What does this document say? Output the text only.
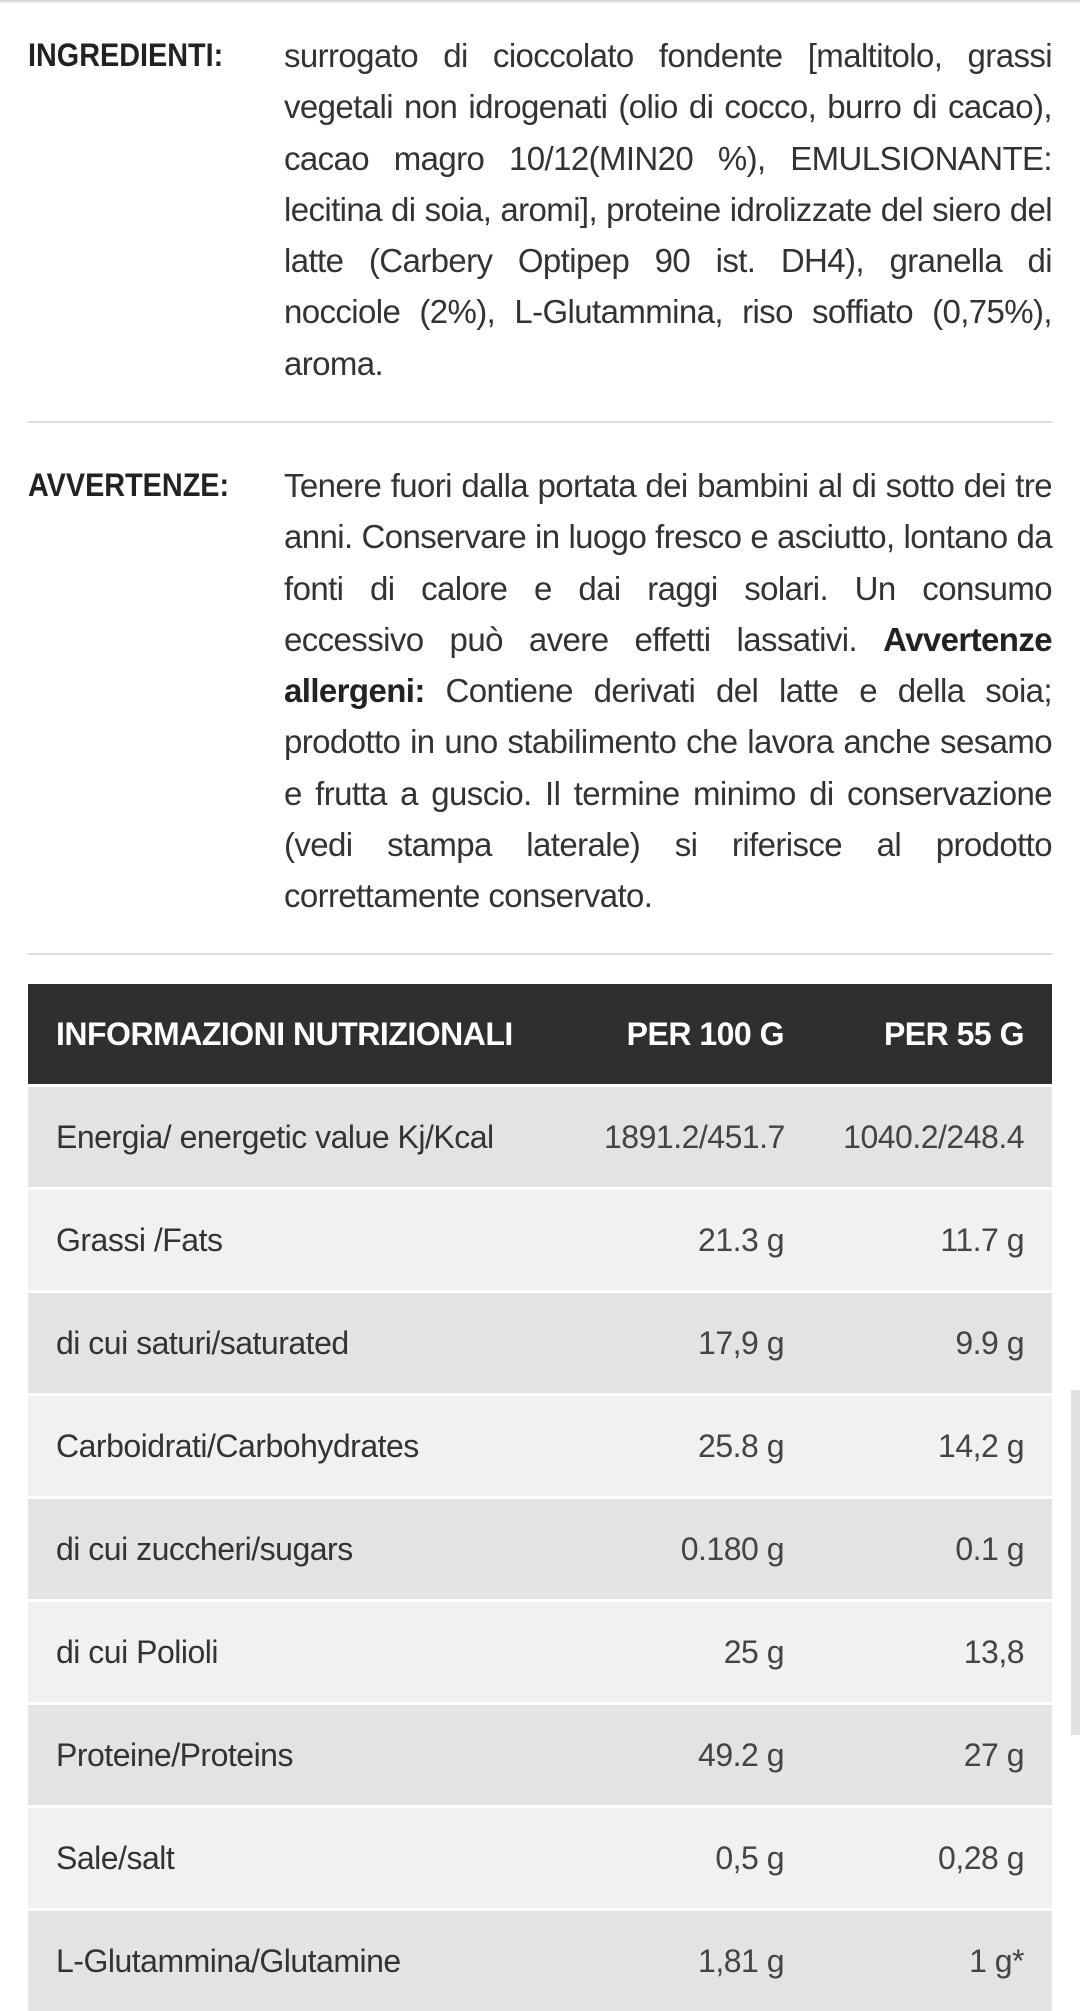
INGREDIENTI: surrogato di cioccolato fondente [maltitolo, grassi vegetali non idrogenati (olio di cocco, burro di cacao), cacao magro 10/12(MIN20 %), EMULSIONANTE: lecitina di soia, aromi], proteine idrolizzate del siero del latte (Carbery Optipep 90 ist. DH4), granella di nocciole (2%), L-Glutammina, riso soffiato (0,75%), aroma.
AVVERTENZE: Tenere fuori dalla portata dei bambini al di sotto dei tre anni. Conservare in luogo fresco e asciutto, lontano da fonti di calore e dai raggi solari. Un consumo eccessivo può avere effetti lassativi. Avvertenze allergeni: Contiene derivati del latte e della soia; prodotto in uno stabilimento che lavora anche sesamo e frutta a guscio. Il termine minimo di conservazione (vedi stampa laterale) si riferisce al prodotto correttamente conservato.
INFORMAZIONI NUTRIZIONALI	PER 100 G	PER 55 G
Energia/ energetic value Kj/Kcal	1891.2/451.7	1040.2/248.4
Grassi /Fats	21.3 g	11.7 g
di cui saturi/saturated	17,9 g	9.9 g
Carboidrati/Carbohydrates	25.8 g	14,2 g
di cui zuccheri/sugars	0.180 g	0.1 g
di cui Polioli	25 g	13,8
Proteine/Proteins	49.2 g	27 g
Sale/salt	0,5 g	0,28 g
L-Glutammina/Glutamine	1,81 g	1 g*
